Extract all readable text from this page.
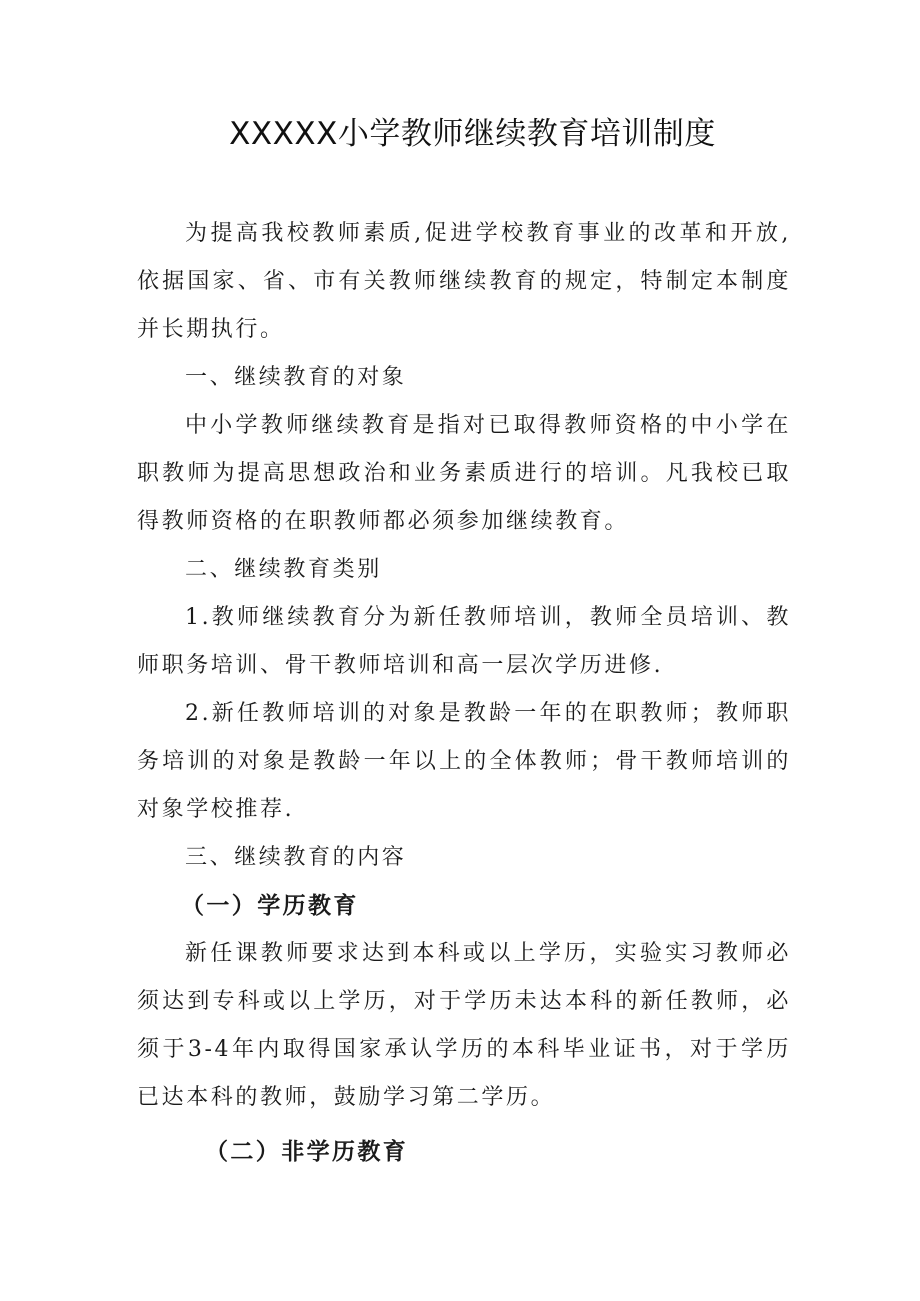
XXXXX小学教师继续教育培训制度

为提高我校教师素质,促进学校教育事业的改革和开放,依据国家、省、市有关教师继续教育的规定，特制定本制度并长期执行。

一、继续教育的对象

中小学教师继续教育是指对已取得教师资格的中小学在职教师为提高思想政治和业务素质进行的培训。凡我校已取得教师资格的在职教师都必须参加继续教育。

二、继续教育类别

1.教师继续教育分为新任教师培训，教师全员培训、教师职务培训、骨干教师培训和高一层次学历进修.

2.新任教师培训的对象是教龄一年的在职教师；教师职务培训的对象是教龄一年以上的全体教师；骨干教师培训的对象学校推荐.

三、继续教育的内容

（一）学历教育

新任课教师要求达到本科或以上学历，实验实习教师必须达到专科或以上学历，对于学历未达本科的新任教师，必须于3-4年内取得国家承认学历的本科毕业证书，对于学历已达本科的教师，鼓励学习第二学历。

（二）非学历教育
